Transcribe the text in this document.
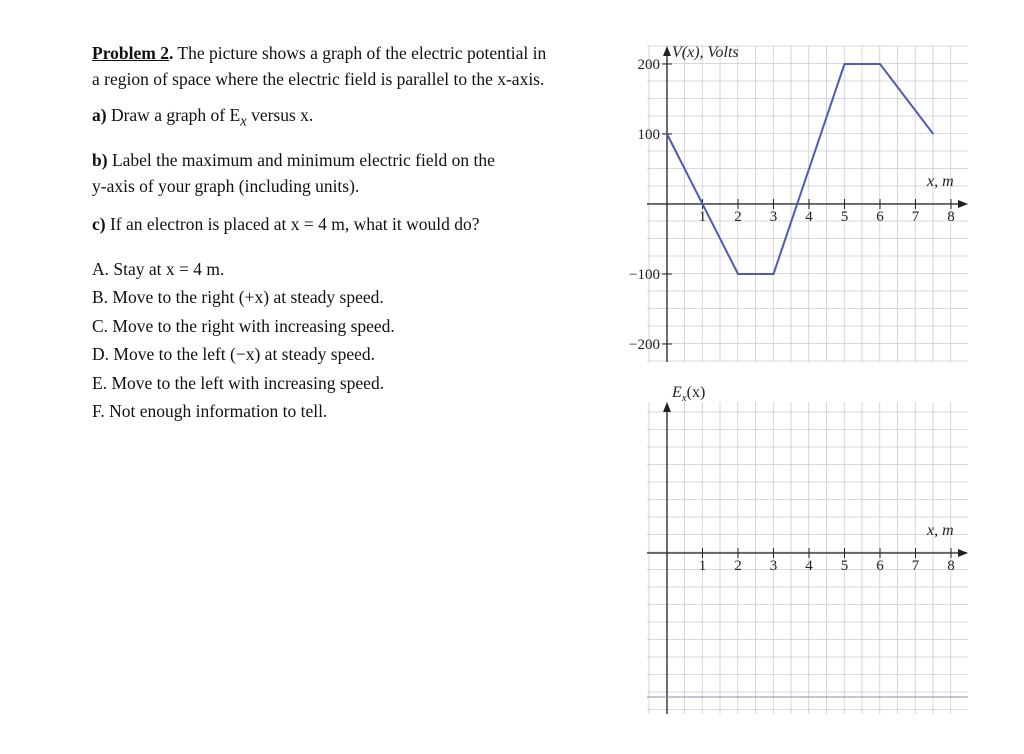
Problem 2. The picture shows a graph of the electric potential in
a region of space where the electric field is parallel to the x-axis.

a) Draw a graph of $E_x$ versus x.

b) Label the maximum and minimum electric field on the
y-axis of your graph (including units).

c) If an electron is placed at x = 4 m, what it would do?

A. Stay at x = 4 m.

B. Move to the right (+x) at steady speed.

C. Move to the right with increasing speed.

D. Move to the left (−x) at steady speed.

E. Move to the left with increasing speed.

F. Not enough information to tell.

V(x), Volts
x, m
1 2 3 4 5 6 7 8
200
100
−100
−200
$E_x(x)$
x, m
1 2 3 4 5 6 7 8
